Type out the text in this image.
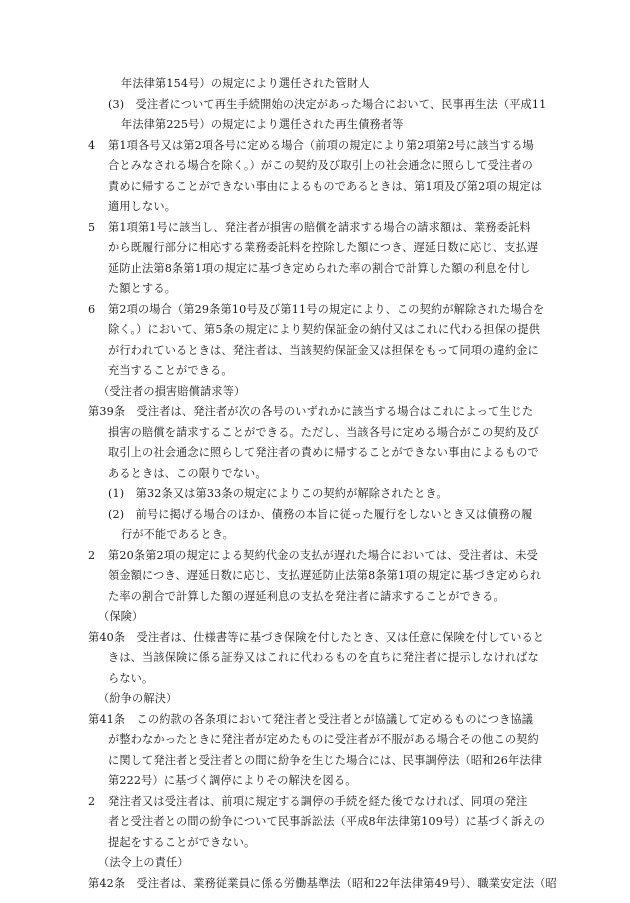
年法律第154号）の規定により選任された管財人
(3)　受注者について再生手続開始の決定があった場合において、民事再生法（平成11
年法律第225号）の規定により選任された再生債務者等
4 第1項各号又は第2項各号に定める場合（前項の規定により第2項第2号に該当する場
合とみなされる場合を除く。）がこの契約及び取引上の社会通念に照らして受注者の
責めに帰することができない事由によるものであるときは、第1項及び第2項の規定は
適用しない。
5 第1項第1号に該当し、発注者が損害の賠償を請求する場合の請求額は、業務委託料
から既履行部分に相応する業務委託料を控除した額につき、遅延日数に応じ、支払遅
延防止法第8条第1項の規定に基づき定められた率の割合で計算した額の利息を付し
た額とする。
6 第2項の場合（第29条第10号及び第11号の規定により、この契約が解除された場合を
除く。）において、第5条の規定により契約保証金の納付又はこれに代わる担保の提供
が行われているときは、発注者は、当該契約保証金又は担保をもって同項の違約金に
充当することができる。
（受注者の損害賠償請求等）
第39条　受注者は、発注者が次の各号のいずれかに該当する場合はこれによって生じた
損害の賠償を請求することができる。ただし、当該各号に定める場合がこの契約及び
取引上の社会通念に照らして発注者の責めに帰することができない事由によるもので
あるときは、この限りでない。
(1)　第32条又は第33条の規定によりこの契約が解除されたとき。
(2)　前号に掲げる場合のほか、債務の本旨に従った履行をしないとき又は債務の履
行が不能であるとき。
2 第20条第2項の規定による契約代金の支払が遅れた場合においては、受注者は、未受
領金額につき、遅延日数に応じ、支払遅延防止法第8条第1項の規定に基づき定められ
た率の割合で計算した額の遅延利息の支払を発注者に請求することができる。
（保険）
第40条　受注者は、仕様書等に基づき保険を付したとき、又は任意に保険を付していると
きは、当該保険に係る証券又はこれに代わるものを直ちに発注者に提示しなければな
らない。
（紛争の解決）
第41条　この約款の各条項において発注者と受注者とが協議して定めるものにつき協議
が整わなかったときに発注者が定めたものに受注者が不服がある場合その他この契約
に関して発注者と受注者との間に紛争を生じた場合には、民事調停法（昭和26年法律
第222号）に基づく調停によりその解決を図る。
2 発注者又は受注者は、前項に規定する調停の手続を経た後でなければ、同項の発注
者と受注者との間の紛争について民事訴訟法（平成8年法律第109号）に基づく訴えの
提起をすることができない。
（法令上の責任）
第42条　受注者は、業務従業員に係る労働基準法（昭和22年法律第49号）、職業安定法（昭
